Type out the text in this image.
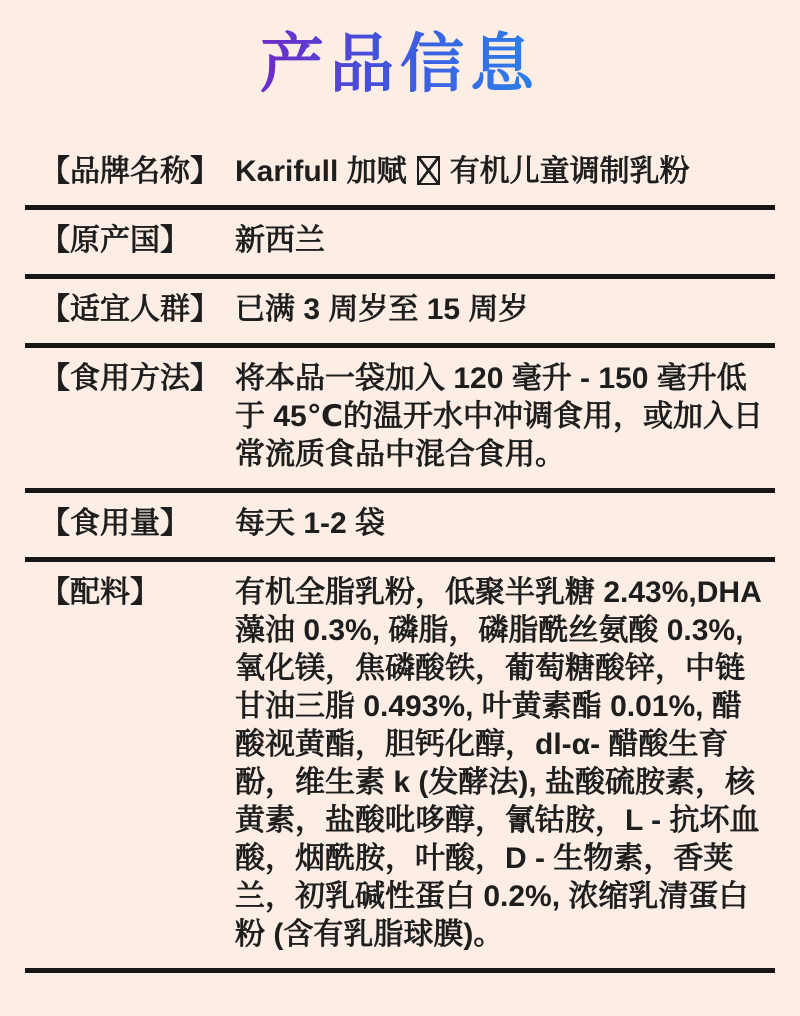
产品信息
【品牌名称】 Karifull 加赋 有机儿童调制乳粉
【原产国】	新西兰
【适宜人群】 已满 3 周岁至 15 周岁
【食用方法】 将本品一袋加入 120 毫升 - 150 毫升低于 45℃的温开水中冲调食用，或加入日常流质食品中混合食用。
【食用量】	每天 1-2 袋
【配料】	有机全脂乳粉，低聚半乳糖 2.43%,DHA 藻油 0.3%, 磷脂，磷脂酰丝氨酸 0.3%, 氧化镁，焦磷酸铁，葡萄糖酸锌，中链甘油三脂 0.493%, 叶黄素酯 0.01%, 醋酸视黄酯，胆钙化醇，dl-α- 醋酸生育酚，维生素 k (发酵法), 盐酸硫胺素，核黄素，盐酸吡哆醇，氰钴胺，L - 抗坏血酸，烟酰胺，叶酸，D - 生物素，香荚兰，初乳碱性蛋白 0.2%, 浓缩乳清蛋白粉 (含有乳脂球膜)。
